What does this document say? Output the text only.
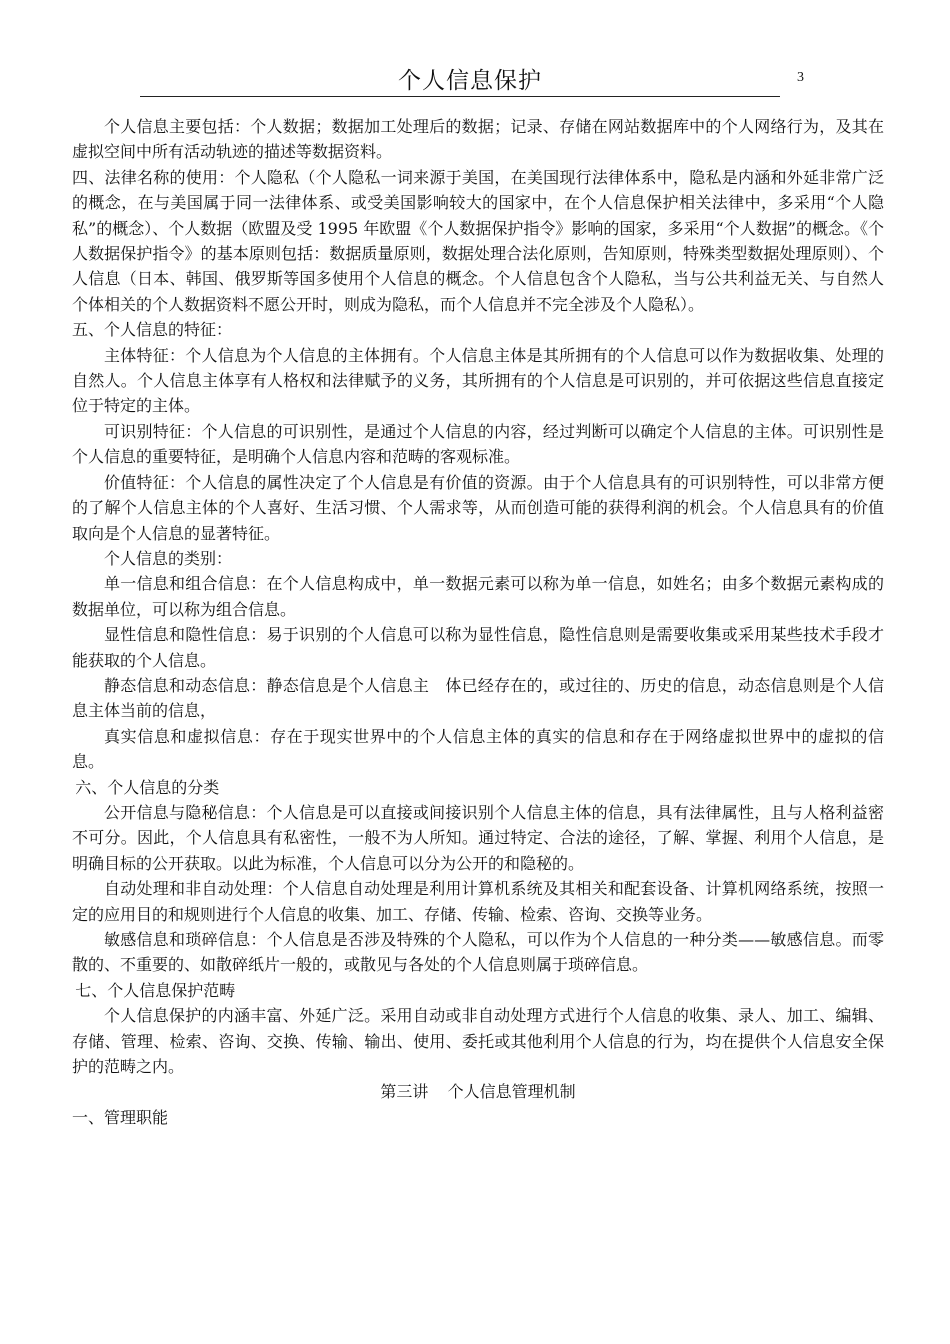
个人信息保护	3

个人信息主要包括：个人数据；数据加工处理后的数据；记录、存储在网站数据库中的个人网络行为，及其在虚拟空间中所有活动轨迹的描述等数据资料。

四、法律名称的使用：个人隐私（个人隐私一词来源于美国，在美国现行法律体系中，隐私是内涵和外延非常广泛的概念，在与美国属于同一法律体系、或受美国影响较大的国家中，在个人信息保护相关法律中，多采用“个人隐私”的概念）、个人数据（欧盟及受 1995 年欧盟《个人数据保护指令》影响的国家，多采用“个人数据”的概念。《个人数据保护指令》的基本原则包括：数据质量原则，数据处理合法化原则，告知原则，特殊类型数据处理原则）、个人信息（日本、韩国、俄罗斯等国多使用个人信息的概念。个人信息包含个人隐私，当与公共利益无关、与自然人个体相关的个人数据资料不愿公开时，则成为隐私，而个人信息并不完全涉及个人隐私）。

五、个人信息的特征：

主体特征：个人信息为个人信息的主体拥有。个人信息主体是其所拥有的个人信息可以作为数据收集、处理的自然人。个人信息主体享有人格权和法律赋予的义务，其所拥有的个人信息是可识别的，并可依据这些信息直接定位于特定的主体。

可识别特征：个人信息的可识别性，是通过个人信息的内容，经过判断可以确定个人信息的主体。可识别性是个人信息的重要特征，是明确个人信息内容和范畴的客观标准。

价值特征：个人信息的属性决定了个人信息是有价值的资源。由于个人信息具有的可识别特性，可以非常方便的了解个人信息主体的个人喜好、生活习惯、个人需求等，从而创造可能的获得利润的机会。个人信息具有的价值取向是个人信息的显著特征。

个人信息的类别：

单一信息和组合信息：在个人信息构成中，单一数据元素可以称为单一信息，如姓名；由多个数据元素构成的数据单位，可以称为组合信息。

显性信息和隐性信息：易于识别的个人信息可以称为显性信息，隐性信息则是需要收集或采用某些技术手段才能获取的个人信息。

静态信息和动态信息：静态信息是个人信息主　体已经存在的，或过往的、历史的信息，动态信息则是个人信息主体当前的信息，

真实信息和虚拟信息：存在于现实世界中的个人信息主体的真实的信息和存在于网络虚拟世界中的虚拟的信息。

六、个人信息的分类

公开信息与隐秘信息：个人信息是可以直接或间接识别个人信息主体的信息，具有法律属性，且与人格利益密不可分。因此，个人信息具有私密性，一般不为人所知。通过特定、合法的途径，了解、掌握、利用个人信息，是明确目标的公开获取。以此为标准，个人信息可以分为公开的和隐秘的。

自动处理和非自动处理：个人信息自动处理是利用计算机系统及其相关和配套设备、计算机网络系统，按照一定的应用目的和规则进行个人信息的收集、加工、存储、传输、检索、咨询、交换等业务。

敏感信息和琐碎信息：个人信息是否涉及特殊的个人隐私，可以作为个人信息的一种分类——敏感信息。而零散的、不重要的、如散碎纸片一般的，或散见与各处的个人信息则属于琐碎信息。

七、个人信息保护范畴

个人信息保护的内涵丰富、外延广泛。采用自动或非自动处理方式进行个人信息的收集、录人、加工、编辑、存储、管理、检索、咨询、交换、传输、输出、使用、委托或其他利用个人信息的行为，均在提供个人信息安全保护的范畴之内。

第三讲 个人信息管理机制

一、管理职能
